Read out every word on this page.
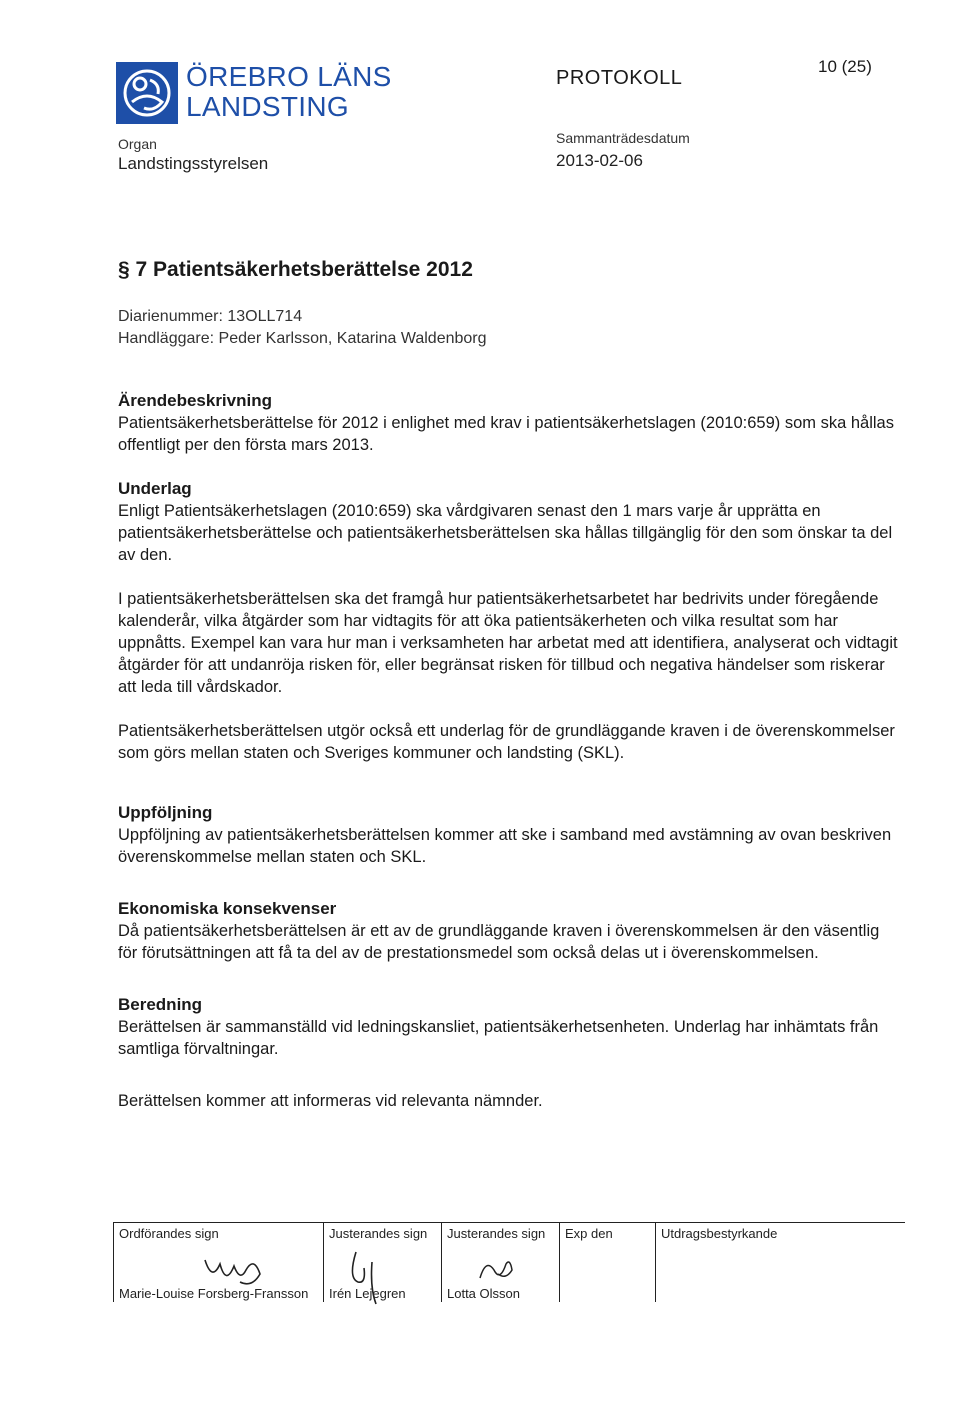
ÖREBRO LÄNS
LANDSTING
PROTOKOLL
10 (25)
Organ
Landstingsstyrelsen
Sammanträdesdatum
2013-02-06
§ 7 Patientsäkerhetsberättelse 2012
Diarienummer: 13OLL714
Handläggare: Peder Karlsson, Katarina Waldenborg

Ärendebeskrivning

Patientsäkerhetsberättelse för 2012 i enlighet med krav i patientsäkerhetslagen (2010:659) som ska hållas offentligt per den första mars 2013.

Underlag

Enligt Patientsäkerhetslagen (2010:659) ska vårdgivaren senast den 1 mars varje år upprätta en patientsäkerhetsberättelse och patientsäkerhetsberättelsen ska hållas tillgänglig för den som önskar ta del av den.

I patientsäkerhetsberättelsen ska det framgå hur patientsäkerhetsarbetet har bedrivits under föregående kalenderår, vilka åtgärder som har vidtagits för att öka patientsäkerheten och vilka resultat som har uppnåtts. Exempel kan vara hur man i verksamheten har arbetat med att identifiera, analyserat och vidtagit åtgärder för att undanröja risken för, eller begränsat risken för tillbud och negativa händelser som riskerar att leda till vårdskador.

Patientsäkerhetsberättelsen utgör också ett underlag för de grundläggande kraven i de överenskommelser som görs mellan staten och Sveriges kommuner och landsting (SKL).

Uppföljning

Uppföljning av patientsäkerhetsberättelsen kommer att ske i samband med avstämning av ovan beskriven överenskommelse mellan staten och SKL.

Ekonomiska konsekvenser

Då patientsäkerhetsberättelsen är ett av de grundläggande kraven i överenskommelsen är den väsentlig för förutsättningen att få ta del av de prestationsmedel som också delas ut i överenskommelsen.

Beredning

Berättelsen är sammanställd vid ledningskansliet, patientsäkerhetsenheten. Underlag har inhämtats från samtliga förvaltningar.

Berättelsen kommer att informeras vid relevanta nämnder.

Ordförandes sign
Marie-Louise Forsberg-Fransson
Justerandes sign
Irén Lejegren
Justerandes sign
Lotta Olsson
Exp den	Utdragsbestyrkande
